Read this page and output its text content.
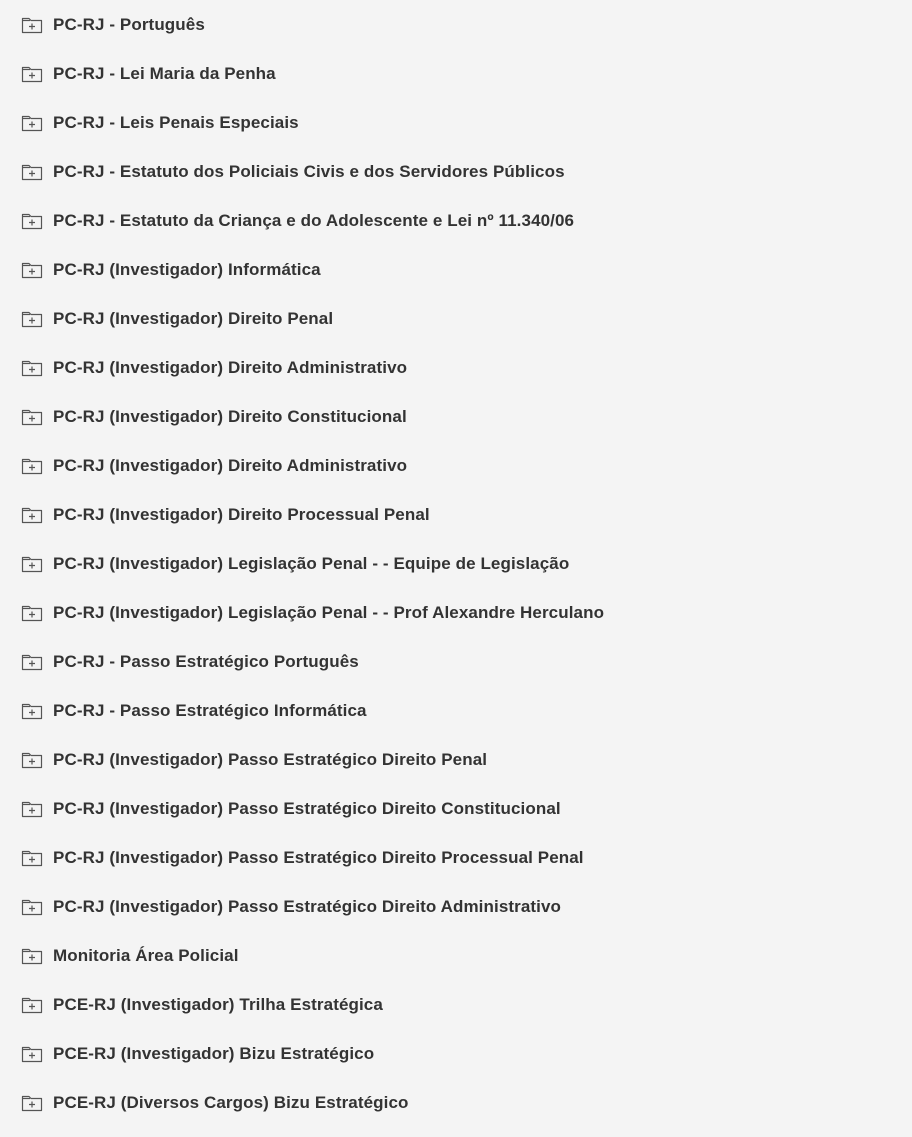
PC-RJ - Português
PC-RJ - Lei Maria da Penha
PC-RJ - Leis Penais Especiais
PC-RJ - Estatuto dos Policiais Civis e dos Servidores Públicos
PC-RJ - Estatuto da Criança e do Adolescente e Lei nº 11.340/06
PC-RJ (Investigador) Informática
PC-RJ (Investigador) Direito Penal
PC-RJ (Investigador) Direito Administrativo
PC-RJ (Investigador) Direito Constitucional
PC-RJ (Investigador) Direito Administrativo
PC-RJ (Investigador) Direito Processual Penal
PC-RJ (Investigador) Legislação Penal - - Equipe de Legislação
PC-RJ (Investigador) Legislação Penal - - Prof Alexandre Herculano
PC-RJ - Passo Estratégico Português
PC-RJ - Passo Estratégico Informática
PC-RJ (Investigador) Passo Estratégico Direito Penal
PC-RJ (Investigador) Passo Estratégico Direito Constitucional
PC-RJ (Investigador) Passo Estratégico Direito Processual Penal
PC-RJ (Investigador) Passo Estratégico Direito Administrativo
Monitoria Área Policial
PCE-RJ (Investigador) Trilha Estratégica
PCE-RJ (Investigador) Bizu Estratégico
PCE-RJ (Diversos Cargos) Bizu Estratégico
